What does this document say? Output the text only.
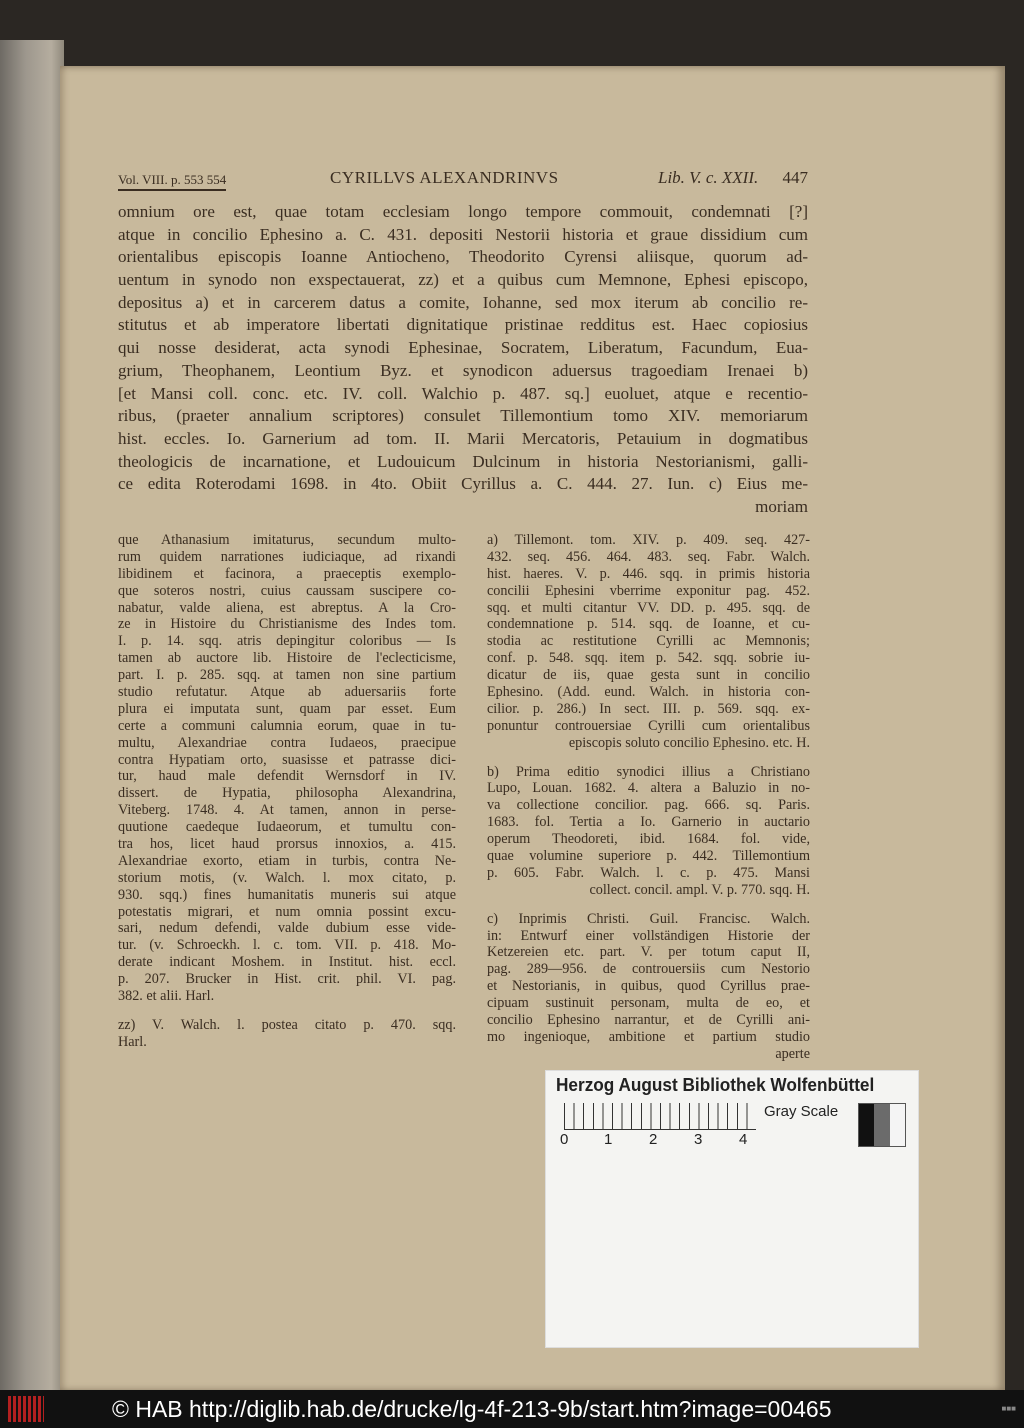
Vol. VIII. p. 553 554	CYRILLVS ALEXANDRINVS	Lib. V. c. XXII. 447
omnium ore est, quae totam ecclesiam longo tempore commouit, condemnati [?]
atque in concilio Ephesino a. C. 431. depositi Nestorii historia et graue dissidium cum
orientalibus episcopis Ioanne Antiocheno, Theodorito Cyrensi aliisque, quorum ad-
uentum in synodo non exspectauerat, zz) et a quibus cum Memnone, Ephesi episcopo,
depositus a) et in carcerem datus a comite, Iohanne, sed mox iterum ab concilio re-
stitutus et ab imperatore libertati dignitatique pristinae redditus est. Haec copiosius
qui nosse desiderat, acta synodi Ephesinae, Socratem, Liberatum, Facundum, Eua-
grium, Theophanem, Leontium Byz. et synodicon aduersus tragoediam Irenaei b)
[et Mansi coll. conc. etc. IV. coll. Walchio p. 487. sq.] euoluet, atque e recentio-
ribus, (praeter annalium scriptores) consulet Tillemontium tomo XIV. memoriarum
hist. eccles. Io. Garnerium ad tom. II. Marii Mercatoris, Petauium in dogmatibus
theologicis de incarnatione, et Ludouicum Dulcinum in historia Nestorianismi, galli-
ce edita Roterodami 1698. in 4to. Obiit Cyrillus a. C. 444. 27. Iun. c) Eius me-
moriam
que Athanasium imitaturus, secundum multo-
rum quidem narrationes iudiciaque, ad rixandi
libidinem et facinora, a praeceptis exemplo-
que soteros nostri, cuius caussam suscipere co-
nabatur, valde aliena, est abreptus. A la Cro-
ze in Histoire du Christianisme des Indes tom.
I. p. 14. sqq. atris depingitur coloribus — Is
tamen ab auctore lib. Histoire de l'eclecticisme,
part. I. p. 285. sqq. at tamen non sine partium
studio refutatur. Atque ab aduersariis forte
plura ei imputata sunt, quam par esset. Eum
certe a communi calumnia eorum, quae in tu-
multu, Alexandriae contra Iudaeos, praecipue
contra Hypatiam orto, suasisse et patrasse dici-
tur, haud male defendit Wernsdorf in IV.
dissert. de Hypatia, philosopha Alexandrina,
Viteberg. 1748. 4. At tamen, annon in perse-
quutione caedeque Iudaeorum, et tumultu con-
tra hos, licet haud prorsus innoxios, a. 415.
Alexandriae exorto, etiam in turbis, contra Ne-
storium motis, (v. Walch. l. mox citato, p.
930. sqq.) fines humanitatis muneris sui atque
potestatis migrari, et num omnia possint excu-
sari, nedum defendi, valde dubium esse vide-
tur. (v. Schroeckh. l. c. tom. VII. p. 418. Mo-
derate indicant Moshem. in Institut. hist. eccl.
p. 207. Brucker in Hist. crit. phil. VI. pag.
382. et alii. Harl.
zz) V. Walch. l. postea citato p. 470. sqq.
Harl.
a) Tillemont. tom. XIV. p. 409. seq. 427-
432. seq. 456. 464. 483. seq. Fabr. Walch.
hist. haeres. V. p. 446. sqq. in primis historia
concilii Ephesini vberrime exponitur pag. 452.
sqq. et multi citantur VV. DD. p. 495. sqq. de
condemnatione p. 514. sqq. de Ioanne, et cu-
stodia ac restitutione Cyrilli ac Memnonis;
conf. p. 548. sqq. item p. 542. sqq. sobrie iu-
dicatur de iis, quae gesta sunt in concilio
Ephesino. (Add. eund. Walch. in historia con-
cilior. p. 286.) In sect. III. p. 569. sqq. ex-
ponuntur controuersiae Cyrilli cum orientalibus
episcopis soluto concilio Ephesino. etc. H.
b) Prima editio synodici illius a Christiano
Lupo, Louan. 1682. 4. altera a Baluzio in no-
va collectione concilior. pag. 666. sq. Paris.
1683. fol. Tertia a Io. Garnerio in auctario
operum Theodoreti, ibid. 1684. fol. vide,
quae volumine superiore p. 442. Tillemontium
p. 605. Fabr. Walch. l. c. p. 475. Mansi
collect. concil. ampl. V. p. 770. sqq. H.
c) Inprimis Christi. Guil. Francisc. Walch.
in: Entwurf einer vollständigen Historie der
Ketzereien etc. part. V. per totum caput II,
pag. 289—956. de controuersiis cum Nestorio
et Nestorianis, in quibus, quod Cyrillus prae-
cipuam sustinuit personam, multa de eo, et
concilio Ephesino narrantur, et de Cyrilli ani-
mo ingenioque, ambitione et partium studio
aperte
Herzog August Bibliothek Wolfenbüttel
0 1 2 3 4
Gray Scale
© HAB http://diglib.hab.de/drucke/lg-4f-213-9b/start.htm?image=00465	■■■
